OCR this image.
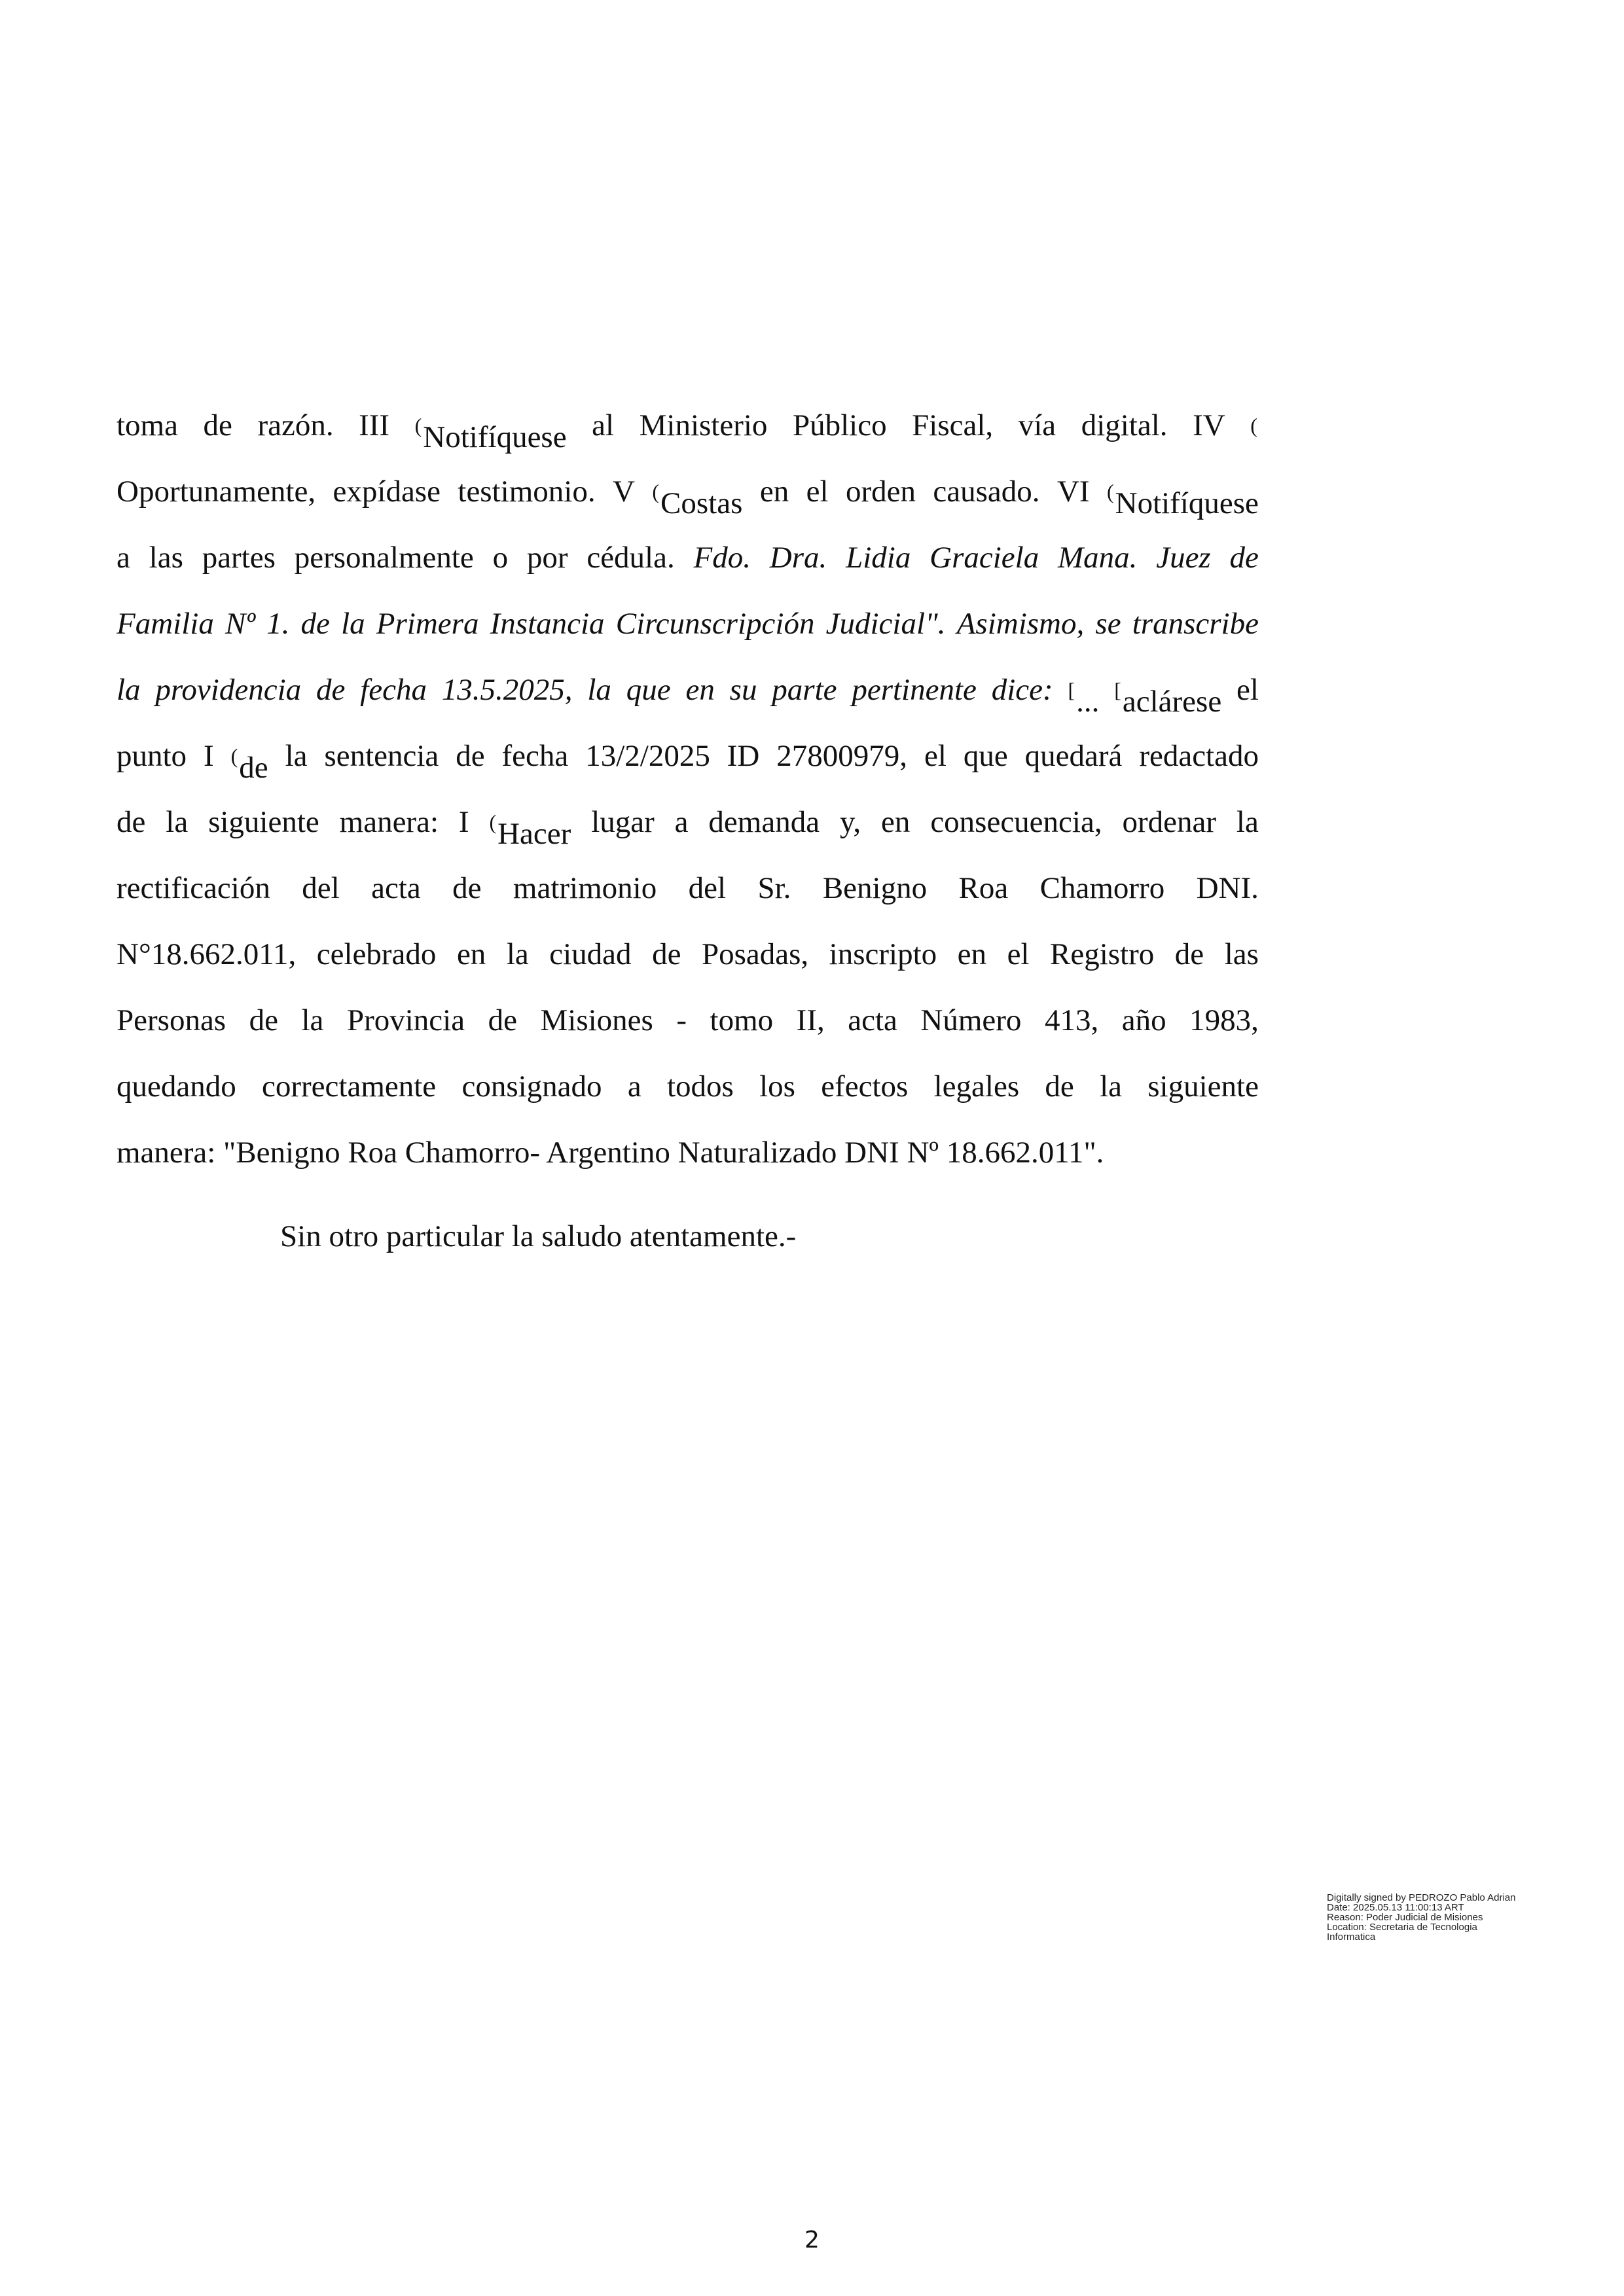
toma de razón. III (Notifíquese al Ministerio Público Fiscal, vía digital. IV (
Oportunamente, expídase testimonio. V (Costas en el orden causado. VI (Notifíquese
a las partes personalmente o por cédula. Fdo. Dra. Lidia Graciela Mana. Juez de
Familia Nº 1. de la Primera Instancia Circunscripción Judicial". Asimismo, se transcribe
la providencia de fecha 13.5.2025, la que en su parte pertinente dice: [... [aclárese el
punto I (de la sentencia de fecha 13/2/2025 ID 27800979, el que quedará redactado
de la siguiente manera: I (Hacer lugar a demanda y, en consecuencia, ordenar la
rectificación del acta de matrimonio del Sr. Benigno Roa Chamorro DNI.
N°18.662.011, celebrado en la ciudad de Posadas, inscripto en el Registro de las
Personas de la Provincia de Misiones - tomo II, acta Número 413, año 1983,
quedando correctamente consignado a todos los efectos legales de la siguiente
manera: "Benigno Roa Chamorro- Argentino Naturalizado DNI Nº 18.662.011".
Sin otro particular la saludo atentamente.-
Digitally signed by PEDROZO Pablo Adrian
Date: 2025.05.13 11:00:13 ART
Reason: Poder Judicial de Misiones
Location: Secretaria de Tecnologia
Informatica
2
